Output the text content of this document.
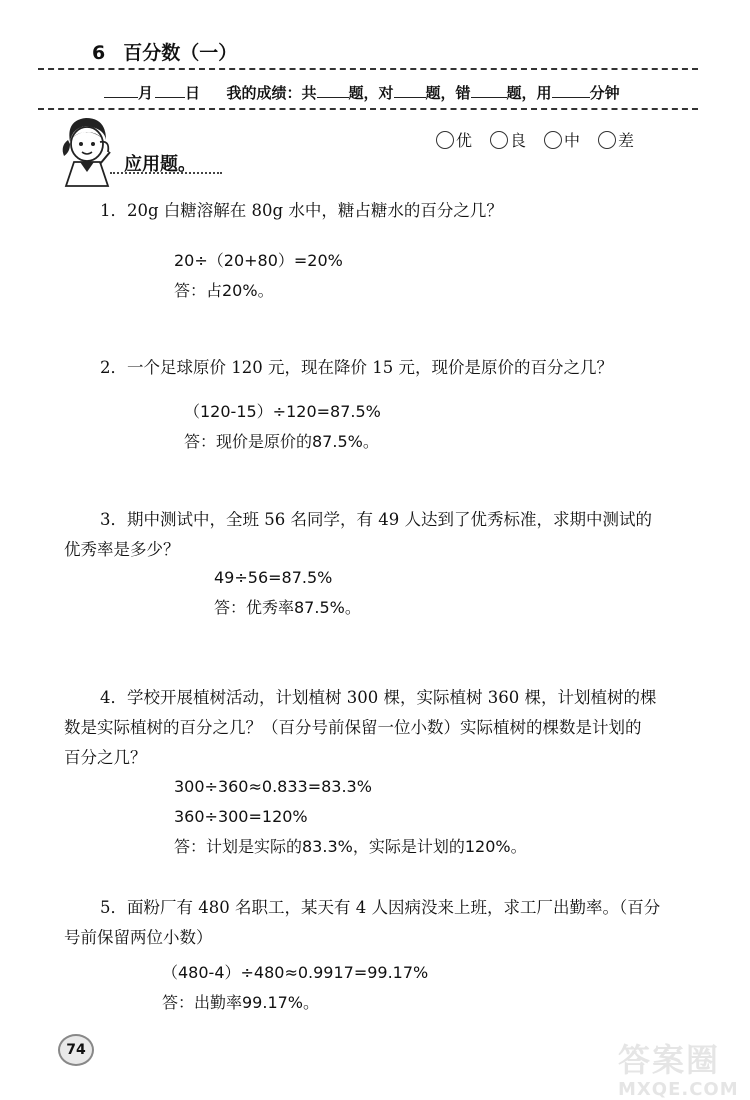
6 百分数（一）
月 日 我的成绩：共 题，对 题，错 题，用	分钟
优 良 中 差
应用题。
1．20g 白糖溶解在 80g 水中，糖占糖水的百分之几？
20÷（20+80）=20%
答：占20%。
2．一个足球原价 120 元，现在降价 15 元，现价是原价的百分之几？
（120-15）÷120=87.5%
答：现价是原价的87.5%。
3．期中测试中，全班 56 名同学，有 49 人达到了优秀标准，求期中测试的
优秀率是多少？
49÷56=87.5%
答：优秀率87.5%。
4．学校开展植树活动，计划植树 300 棵，实际植树 360 棵，计划植树的棵
数是实际植树的百分之几？（百分号前保留一位小数）实际植树的棵数是计划的
百分之几？
300÷360≈0.833=83.3%
360÷300=120%
答：计划是实际的83.3%，实际是计划的120%。
5．面粉厂有 480 名职工，某天有 4 人因病没来上班，求工厂出勤率。（百分
号前保留两位小数）
（480-4）÷480≈0.9917=99.17%
答：出勤率99.17%。
74	答案圈
MXQE.COM
